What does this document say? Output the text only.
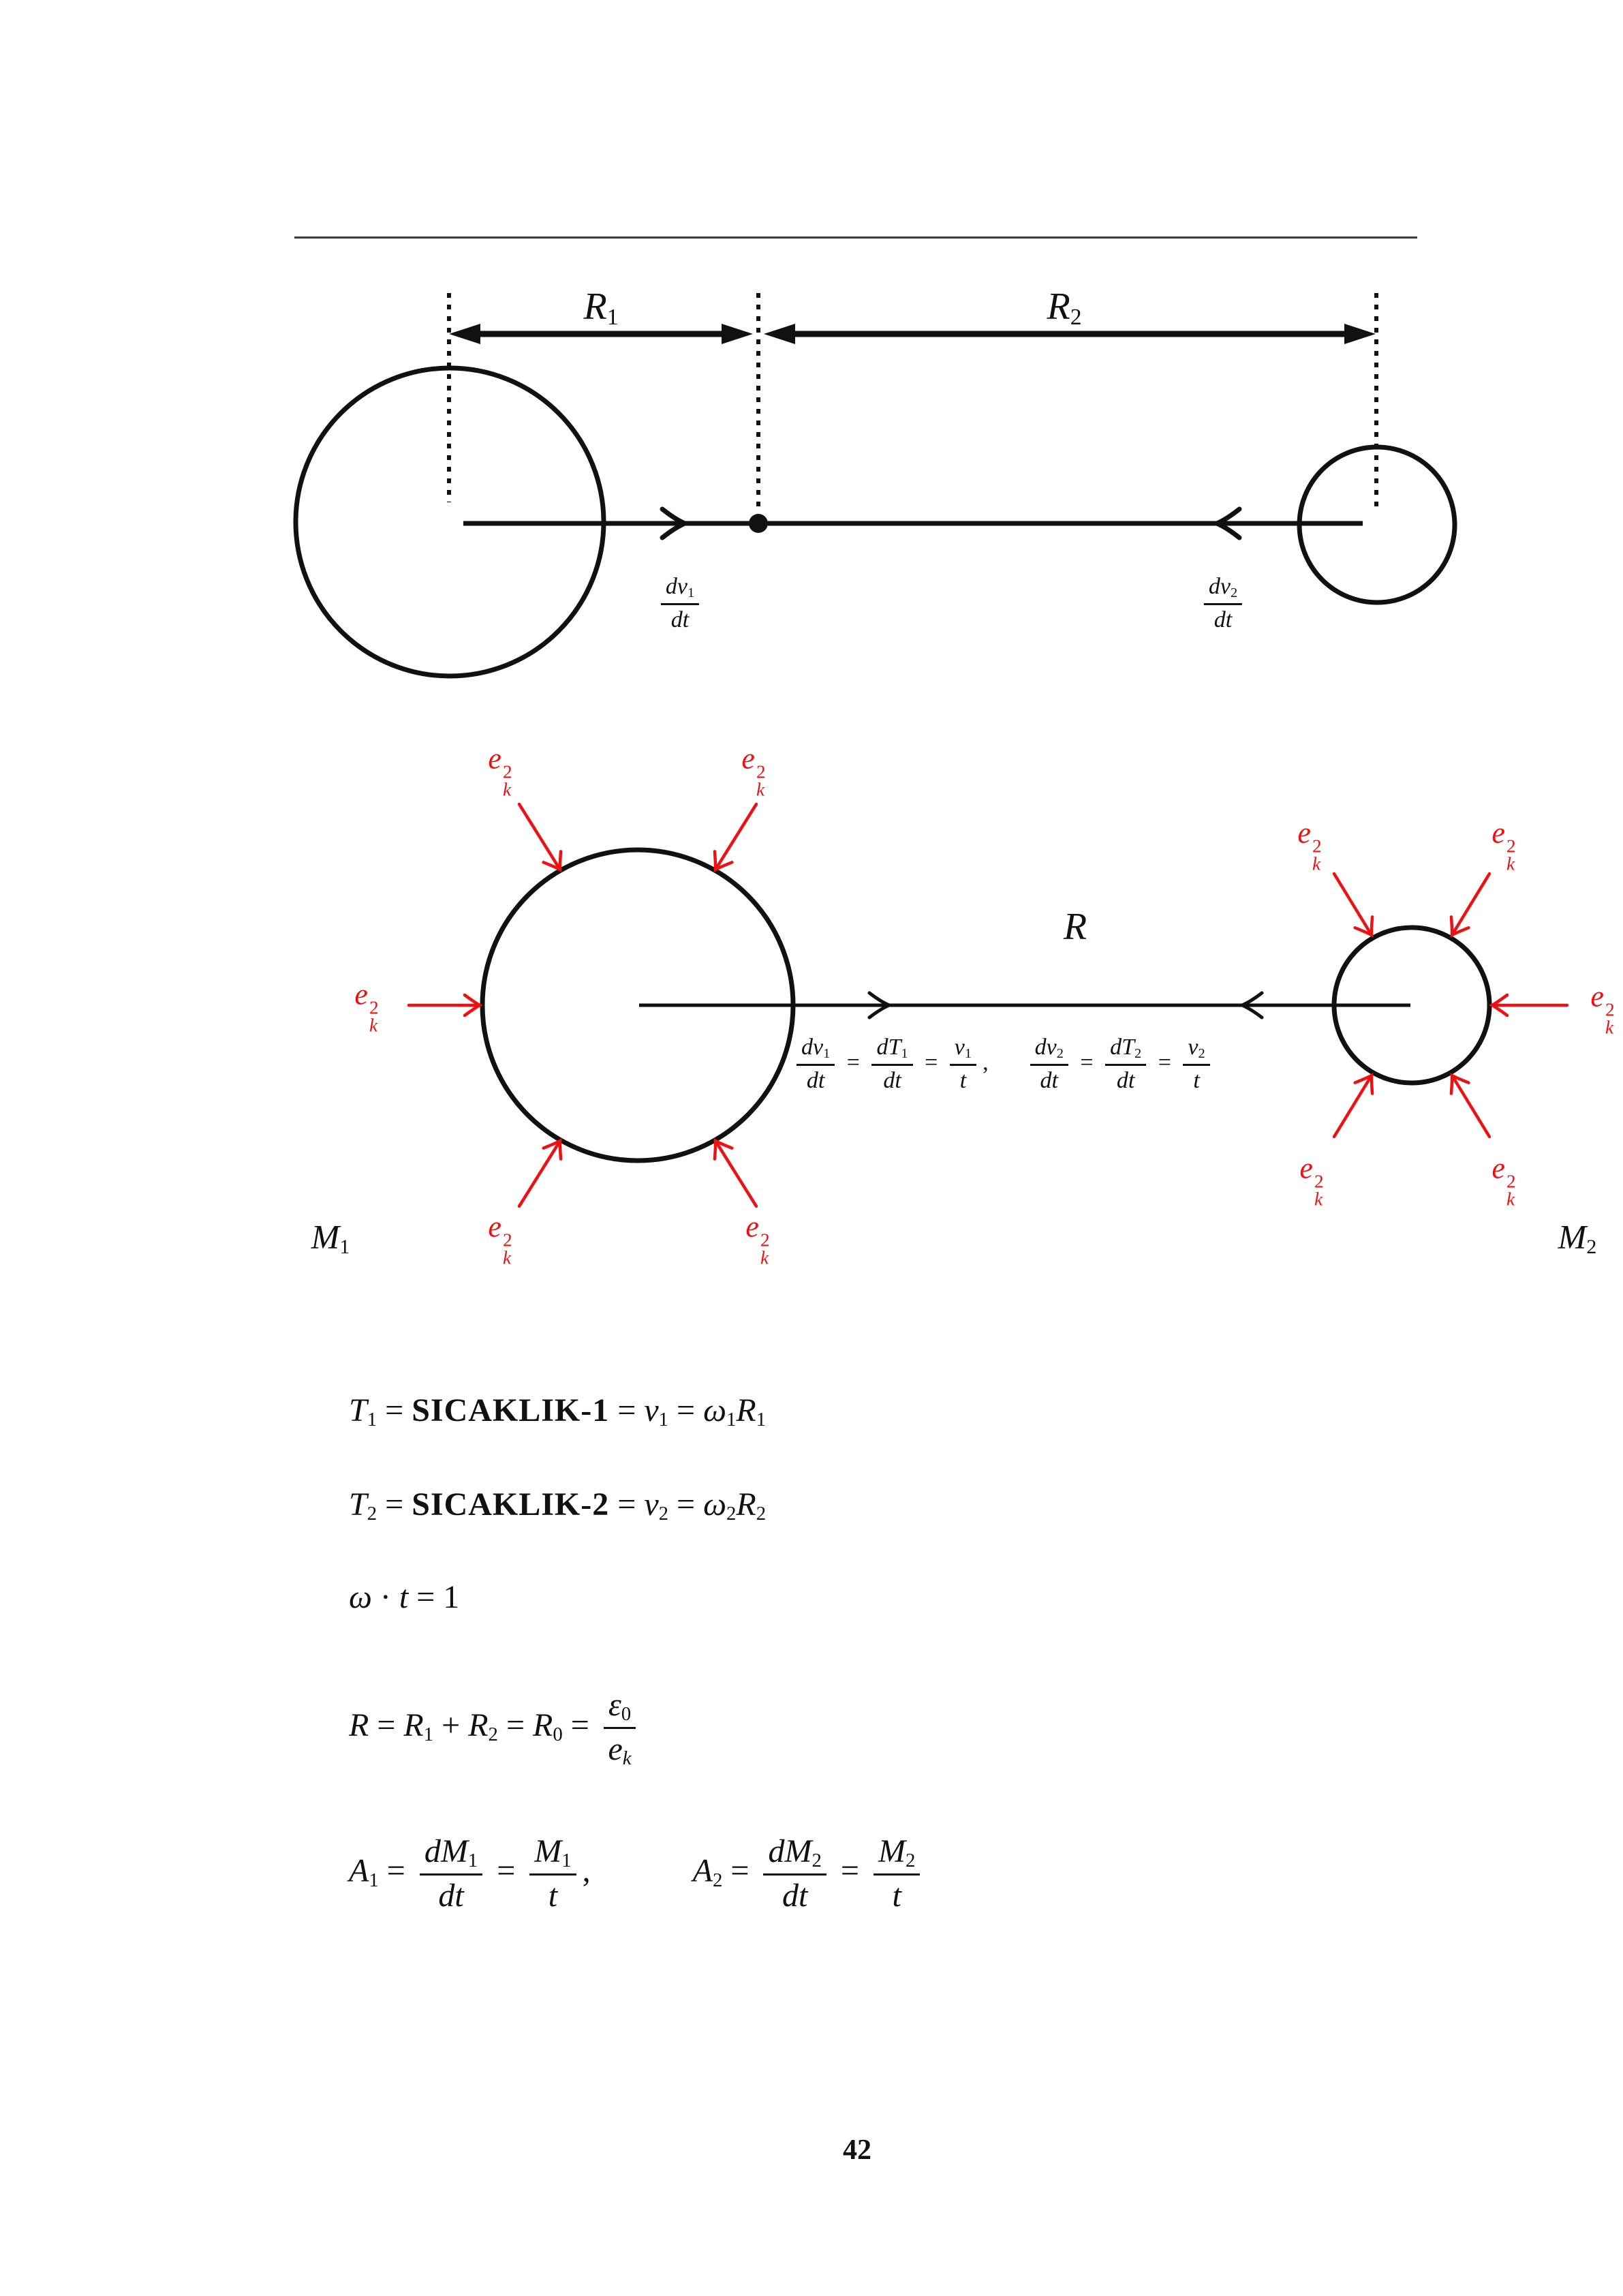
R1	R2
$\frac{dv1}{dt}$	$\frac{dv2}{dt}$
R
M1	M2
e 2
k
e 2
k
e 2
k
e 2
k
e 2
k
e 2
k
e 2
k
e 2
k
e 2
k
e 2
k
$\frac{dv1}{dt} = \frac{dT1}{dt} = \frac{v1}{t}$ , $\frac{dv2}{dt} = \frac{dT2}{dt} = \frac{v2}{t}$
T1 = SICAKLIK-1 = v1 = ω1R1
T2 = SICAKLIK-2 = v2 = ω2R2
ω · t = 1
$R = R1 + R2 = R0 = \frac{\varepsilon 0}{ek}$
$A1 = \frac{dM1}{dt} = \frac{M1}{t}$ ,	$A2 = \frac{dM2}{dt} = \frac{M2}{t}$
42
